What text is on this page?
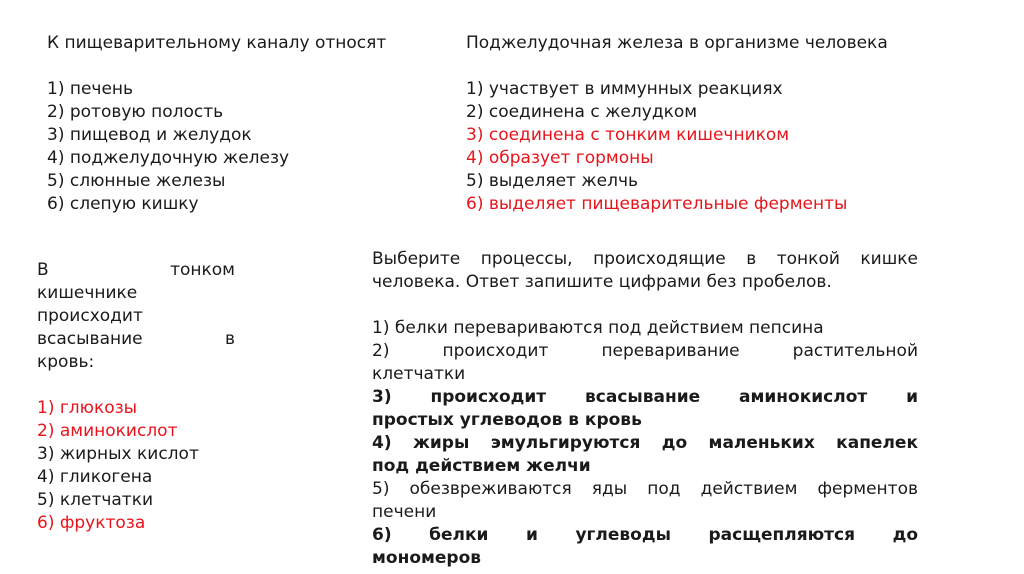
К пищеварительному каналу относят
1) печень
2) ротовую полость
3) пищевод и желудок
4) поджелудочную железу
5) слюнные железы
6) слепую кишку
Поджелудочная железа в организме человека
1) участвует в иммунных реакциях
2) соединена с желудком
3) соединена с тонким кишечником
4) образует гормоны
5) выделяет желчь
6) выделяет пищеварительные ферменты
В тонком
кишечнике
происходит
всасывание в
кровь:
1) глюкозы
2) аминокислот
3) жирных кислот
4) гликогена
5) клетчатки
6) фруктоза
Выберите процессы, происходящие в тонкой кишке
человека. Ответ запишите цифрами без пробелов.
1) белки перевариваются под действием пепсина
2) происходит переваривание растительной
клетчатки
3) происходит всасывание аминокислот и
простых углеводов в кровь
4) жиры эмульгируются до маленьких капелек
под действием желчи
5) обезвреживаются яды под действием ферментов
печени
6) белки и углеводы расщепляются до
мономеров
